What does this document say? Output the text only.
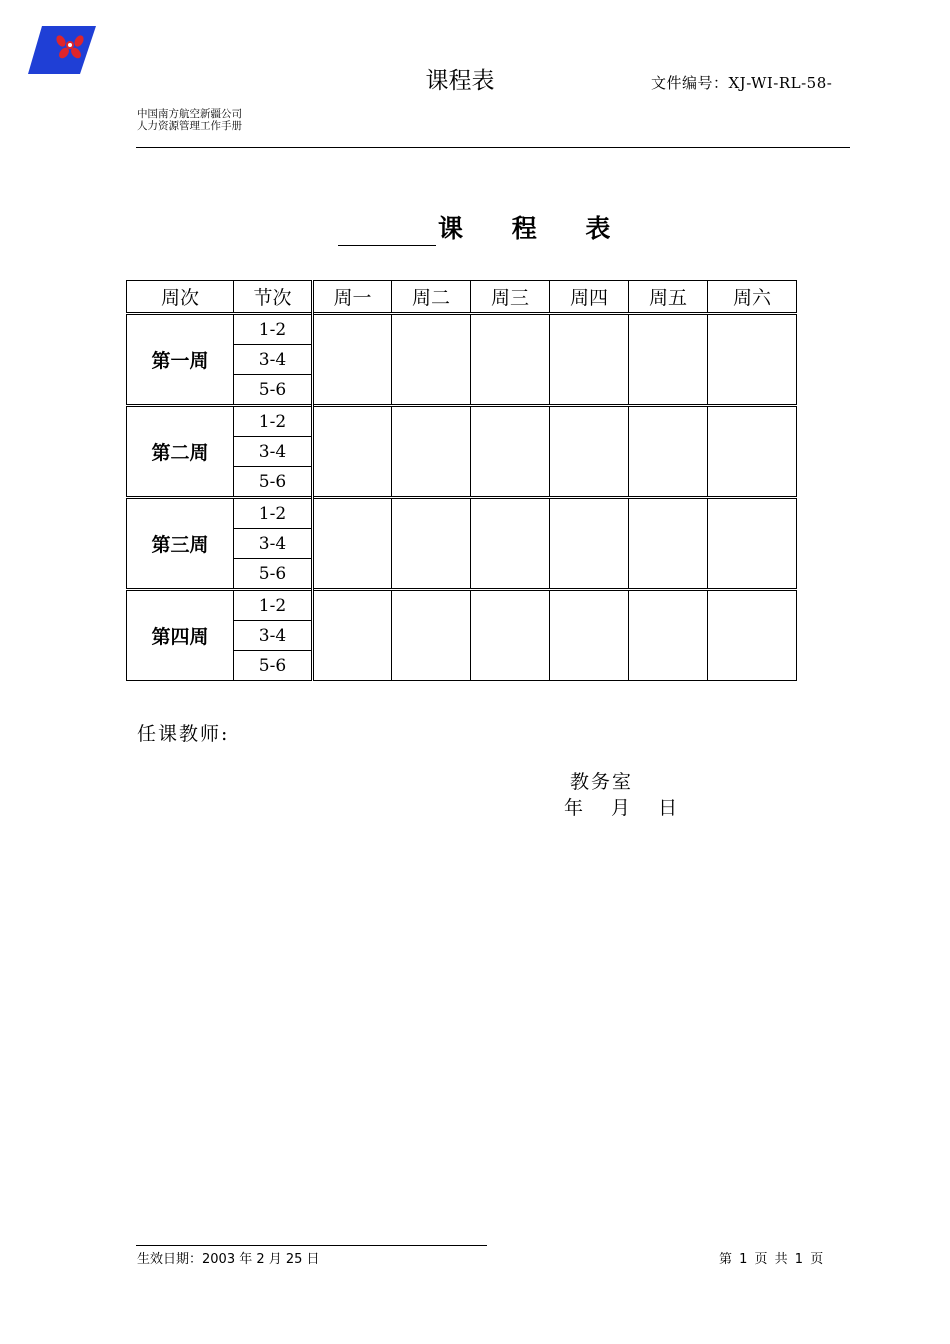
课程表	文件编号：XJ-WI-RL-58-
中国南方航空新疆公司
人力资源管理工作手册
课 程 表
周次	节次	周一	周二	周三	周四	周五	周六
第一周	1-2						
	3-4						
	5-6						
第二周	1-2						
	3-4						
	5-6						
第三周	1-2						
	3-4						
	5-6						
第四周	1-2						
	3-4						
	5-6						
任课教师:
教务室
年 月 日
生效日期：2003 年 2 月 25 日	第 1 页 共 1 页
